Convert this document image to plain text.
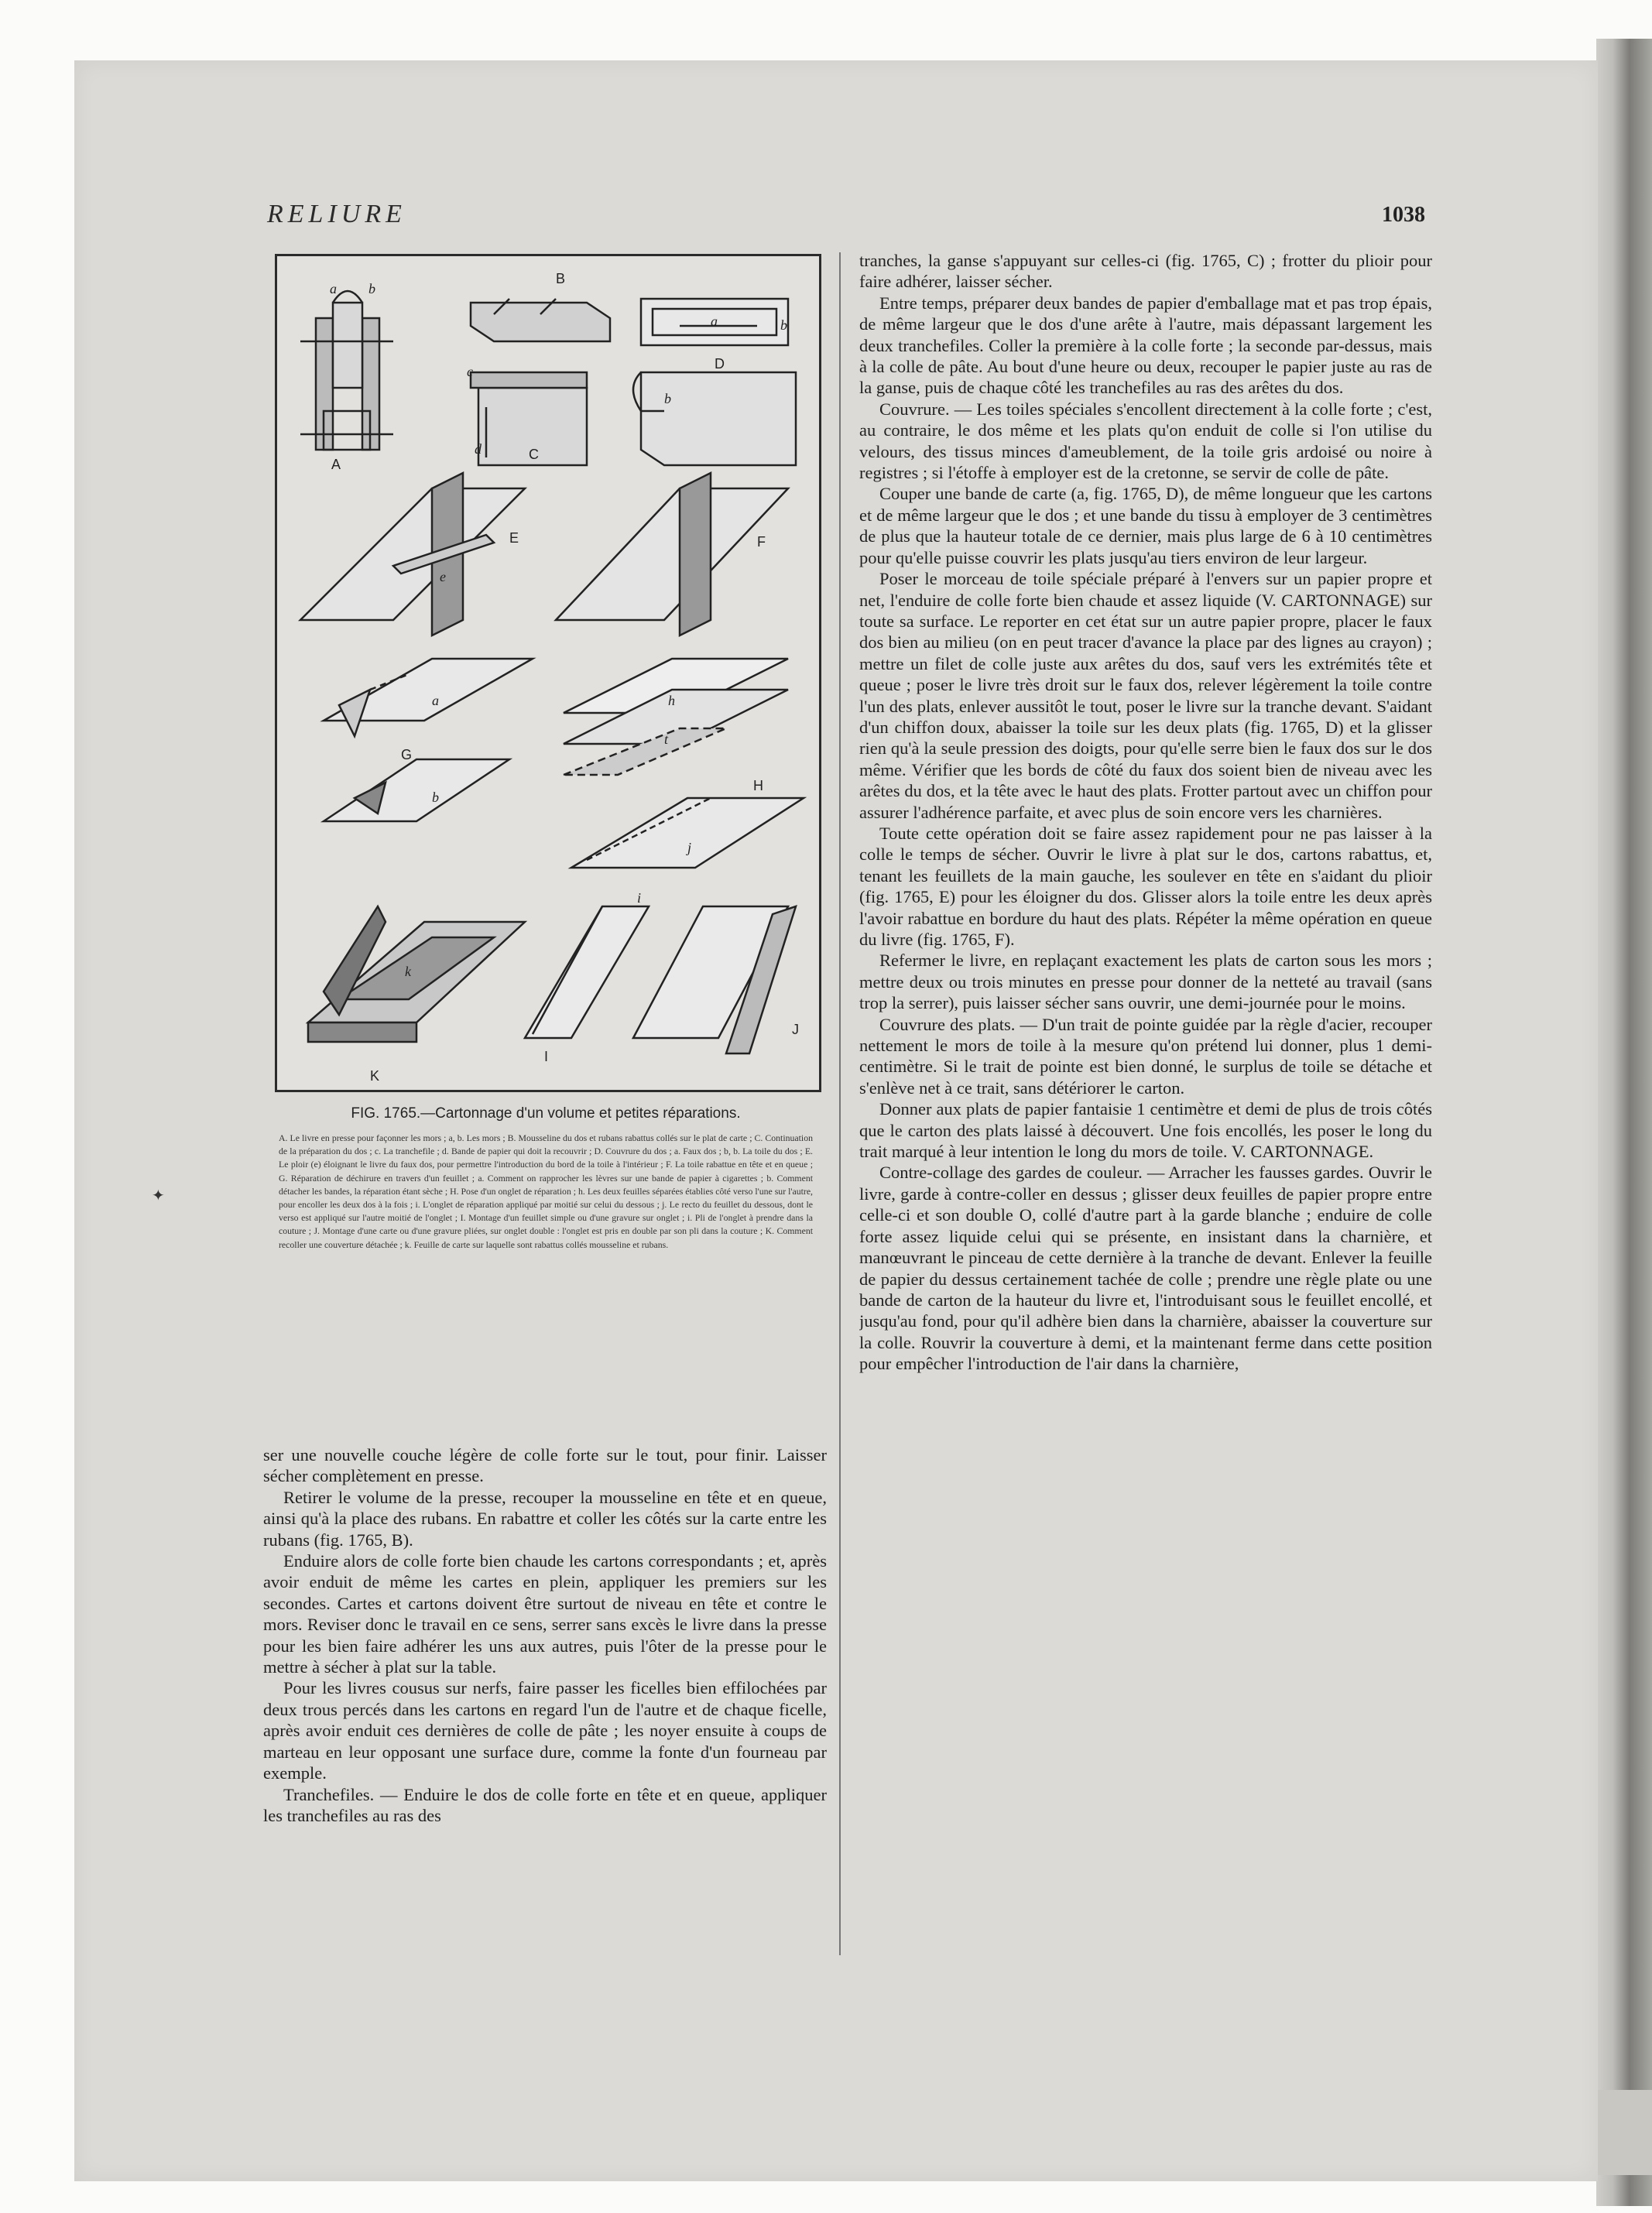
RELIURE	1038
a b
A
B
a	b
D
c
d	C
b
E
e
F
a
G
b
h
t
H
j
k
K
i
I
J
FIG. 1765.—Cartonnage d'un volume et petites réparations.
A. Le livre en presse pour façonner les mors ; a, b. Les mors ; B. Mousseline du dos et rubans rabattus collés sur le plat de carte ; C. Continuation de la préparation du dos ; c. La tranchefile ; d. Bande de papier qui doit la recouvrir ; D. Couvrure du dos ; a. Faux dos ; b, b. La toile du dos ; E. Le ploir (e) éloignant le livre du faux dos, pour permettre l'introduction du bord de la toile à l'intérieur ; F. La toile rabattue en tête et en queue ; G. Réparation de déchirure en travers d'un feuillet ; a. Comment on rapprocher les lèvres sur une bande de papier à cigarettes ; b. Comment détacher les bandes, la réparation étant sèche ; H. Pose d'un onglet de réparation ; h. Les deux feuilles séparées établies côté verso l'une sur l'autre, pour encoller les deux dos à la fois ; i. L'onglet de réparation appliqué par moitié sur celui du dessous ; j. Le recto du feuillet du dessous, dont le verso est appliqué sur l'autre moitié de l'onglet ; I. Montage d'un feuillet simple ou d'une gravure sur onglet ; i. Pli de l'onglet à prendre dans la couture ; J. Montage d'une carte ou d'une gravure pliées, sur onglet double : l'onglet est pris en double par son pli dans la couture ; K. Comment recoller une couverture détachée ; k. Feuille de carte sur laquelle sont rabattus collés mousseline et rubans.
✦

ser une nouvelle couche légère de colle forte sur le tout, pour finir. Laisser sécher complètement en presse.

Retirer le volume de la presse, recouper la mousseline en tête et en queue, ainsi qu'à la place des rubans. En rabattre et coller les côtés sur la carte entre les rubans (fig. 1765, B).

Enduire alors de colle forte bien chaude les cartons correspondants ; et, après avoir enduit de même les cartes en plein, appliquer les premiers sur les secondes. Cartes et cartons doivent être surtout de niveau en tête et contre le mors. Reviser donc le travail en ce sens, serrer sans excès le livre dans la presse pour les bien faire adhérer les uns aux autres, puis l'ôter de la presse pour le mettre à sécher à plat sur la table.

Pour les livres cousus sur nerfs, faire passer les ficelles bien effilochées par deux trous percés dans les cartons en regard l'un de l'autre et de chaque ficelle, après avoir enduit ces dernières de colle de pâte ; les noyer ensuite à coups de marteau en leur opposant une surface dure, comme la fonte d'un fourneau par exemple.

Tranchefiles. — Enduire le dos de colle forte en tête et en queue, appliquer les tranchefiles au ras des

tranches, la ganse s'appuyant sur celles-ci (fig. 1765, C) ; frotter du plioir pour faire adhérer, laisser sécher.

Entre temps, préparer deux bandes de papier d'emballage mat et pas trop épais, de même largeur que le dos d'une arête à l'autre, mais dépassant largement les deux tranchefiles. Coller la première à la colle forte ; la seconde par-dessus, mais à la colle de pâte. Au bout d'une heure ou deux, recouper le papier juste au ras de la ganse, puis de chaque côté les tranchefiles au ras des arêtes du dos.

Couvrure. — Les toiles spéciales s'encollent directement à la colle forte ; c'est, au contraire, le dos même et les plats qu'on enduit de colle si l'on utilise du velours, des tissus minces d'ameublement, de la toile gris ardoisé ou noire à registres ; si l'étoffe à employer est de la cretonne, se servir de colle de pâte.

Couper une bande de carte (a, fig. 1765, D), de même longueur que les cartons et de même largeur que le dos ; et une bande du tissu à employer de 3 centimètres de plus que la hauteur totale de ce dernier, mais plus large de 6 à 10 centimètres pour qu'elle puisse couvrir les plats jusqu'au tiers environ de leur largeur.

Poser le morceau de toile spéciale préparé à l'envers sur un papier propre et net, l'enduire de colle forte bien chaude et assez liquide (V. CARTONNAGE) sur toute sa surface. Le reporter en cet état sur un autre papier propre, placer le faux dos bien au milieu (on en peut tracer d'avance la place par des lignes au crayon) ; mettre un filet de colle juste aux arêtes du dos, sauf vers les extrémités tête et queue ; poser le livre très droit sur le faux dos, relever légèrement la toile contre l'un des plats, enlever aussitôt le tout, poser le livre sur la tranche devant. S'aidant d'un chiffon doux, abaisser la toile sur les deux plats (fig. 1765, D) et la glisser rien qu'à la seule pression des doigts, pour qu'elle serre bien le faux dos sur le dos même. Vérifier que les bords de côté du faux dos soient bien de niveau avec les arêtes du dos, et la tête avec le haut des plats. Frotter partout avec un chiffon pour assurer l'adhérence parfaite, et avec plus de soin encore vers les charnières.

Toute cette opération doit se faire assez rapidement pour ne pas laisser à la colle le temps de sécher. Ouvrir le livre à plat sur le dos, cartons rabattus, et, tenant les feuillets de la main gauche, les soulever en tête en s'aidant du plioir (fig. 1765, E) pour les éloigner du dos. Glisser alors la toile entre les deux après l'avoir rabattue en bordure du haut des plats. Répéter la même opération en queue du livre (fig. 1765, F).

Refermer le livre, en replaçant exactement les plats de carton sous les mors ; mettre deux ou trois minutes en presse pour donner de la netteté au travail (sans trop la serrer), puis laisser sécher sans ouvrir, une demi-journée pour le moins.

Couvrure des plats. — D'un trait de pointe guidée par la règle d'acier, recouper nettement le mors de toile à la mesure qu'on prétend lui donner, plus 1 demi-centimètre. Si le trait de pointe est bien donné, le surplus de toile se détache et s'enlève net à ce trait, sans détériorer le carton.

Donner aux plats de papier fantaisie 1 centimètre et demi de plus de trois côtés que le carton des plats laissé à découvert. Une fois encollés, les poser le long du trait marqué à leur intention le long du mors de toile. V. CARTONNAGE.

Contre-collage des gardes de couleur. — Arracher les fausses gardes. Ouvrir le livre, garde à contre-coller en dessus ; glisser deux feuilles de papier propre entre celle-ci et son double O, collé d'autre part à la garde blanche ; enduire de colle forte assez liquide celui qui se présente, en insistant dans la charnière, et manœuvrant le pinceau de cette dernière à la tranche de devant. Enlever la feuille de papier du dessus certainement tachée de colle ; prendre une règle plate ou une bande de carton de la hauteur du livre et, l'introduisant sous le feuillet encollé, et jusqu'au fond, pour qu'il adhère bien dans la charnière, abaisser la couverture sur la colle. Rouvrir la couverture à demi, et la maintenant ferme dans cette position pour empêcher l'introduction de l'air dans la charnière,
